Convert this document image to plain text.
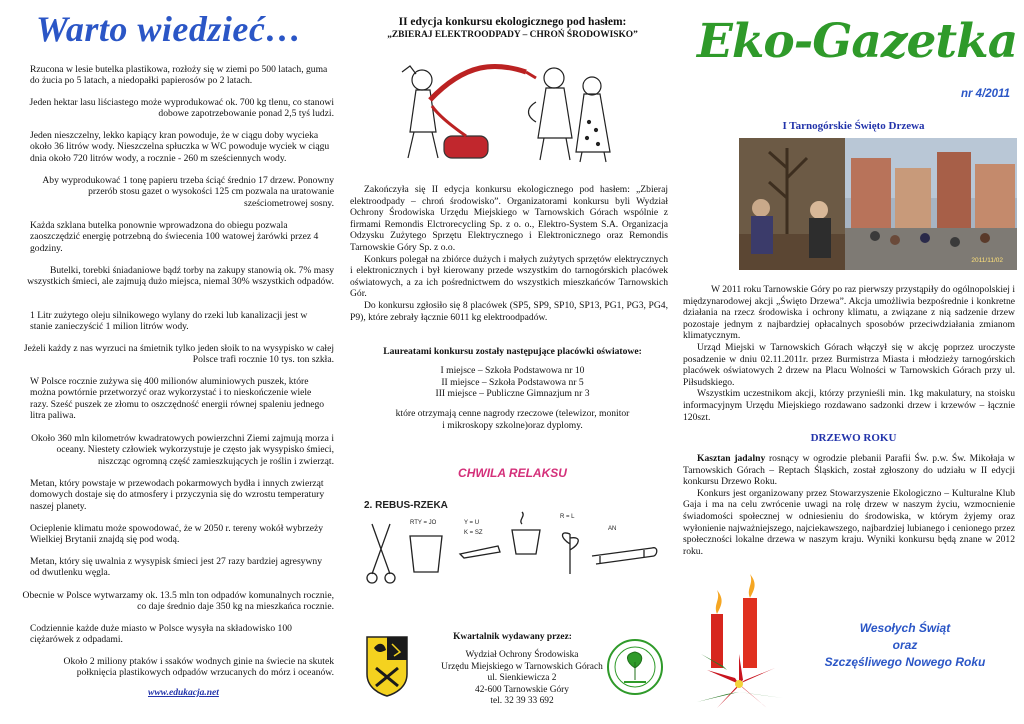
Warto wiedzieć…
Rzucona w lesie butelka plastikowa, rozłoży się w ziemi po 500 latach, guma do żucia po 5 latach, a niedopałki papierosów po 2 latach.
Jeden hektar lasu liściastego może wyprodukować ok. 700 kg tlenu, co stanowi dobowe zapotrzebowanie ponad 2,5 tyś ludzi.
Jeden nieszczelny, lekko kapiący kran powoduje, że w ciągu doby wycieka około 36 litrów wody. Nieszczelna spłuczka w WC powoduje wyciek w ciągu dnia około 720 litrów wody, a rocznie - 260 m sześciennych wody.
Aby wyprodukować 1 tonę papieru trzeba ściąć średnio 17 drzew. Ponowny przerób stosu gazet o wysokości 125 cm pozwala na uratowanie sześciometrowej sosny.
Każda szklana butelka ponownie wprowadzona do obiegu pozwala zaoszczędzić energię potrzebną do świecenia 100 watowej żarówki przez 4 godziny.
Butelki, torebki śniadaniowe bądź torby na zakupy stanowią ok. 7% masy wszystkich śmieci, ale zajmują dużo miejsca, niemal 30% wszystkich odpadów.
1 Litr zużytego oleju silnikowego wylany do rzeki lub kanalizacji jest w stanie zanieczyścić 1 milion litrów wody.
Jeżeli każdy z nas wyrzuci na śmietnik tylko jeden słoik to na wysypisko w całej Polsce trafi rocznie 10 tys. ton szkła.
W Polsce rocznie zużywa się 400 milionów aluminiowych puszek, które można powtórnie przetworzyć oraz wykorzystać i to nieskończenie wiele razy. Sześć puszek ze złomu to oszczędność energii równej spaleniu jednego litra paliwa.
Około 360 mln kilometrów kwadratowych powierzchni Ziemi zajmują morza i oceany. Niestety człowiek wykorzystuje je często jak wysypisko śmieci, niszcząc ogromną część zamieszkujących je roślin i zwierząt.
Metan, który powstaje w przewodach pokarmowych bydła i innych zwierząt domowych dostaje się do atmosfery i przyczynia się do wzrostu temperatury naszej planety.
Ocieplenie klimatu może spowodować, że w 2050 r. tereny wokół wybrzeży Wielkiej Brytanii znajdą się pod wodą.
Metan, który się uwalnia z wysypisk śmieci jest 27 razy bardziej agresywny od dwutlenku węgla.
Obecnie w Polsce wytwarzamy ok. 13.5 mln ton odpadów komunalnych rocznie, co daje średnio daje 350 kg na mieszkańca rocznie.
Codziennie każde duże miasto w Polsce wysyła na składowisko 100 ciężarówek z odpadami.
Około 2 miliony ptaków i ssaków wodnych ginie na świecie na skutek połknięcia plastikowych odpadów wrzucanych do mórz i oceanów.
www.edukacja.net
II edycja konkursu ekologicznego pod hasłem:
„ZBIERAJ ELEKTROODPADY – CHROŃ ŚRODOWISKO”

Zakończyła się II edycja konkursu ekologicznego pod hasłem: „Zbieraj elektroodpady – chroń środowisko”. Organizatorami konkursu byli Wydział Ochrony Środowiska Urzędu Miejskiego w Tarnowskich Górach wspólnie z firmami Remondis Elctrorecycling Sp. z o. o., Elektro-System S.A. Organizacja Odzysku Zużytego Sprzętu Elektrycznego i Elektronicznego oraz Remondis Tarnowskie Góry Sp. z o.o.

Konkurs polegał na zbiórce dużych i małych zużytych sprzętów elektrycznych i elektronicznych i był kierowany przede wszystkim do tarnogórskich placówek oświatowych, a za ich pośrednictwem do wszystkich mieszkańców Tarnowskich Gór.

Do konkursu zgłosiło się 8 placówek (SP5, SP9, SP10, SP13, PG1, PG3, PG4, P9), które zebrały łącznie 6011 kg elektroodpadów.

Laureatami konkursu zostały następujące placówki oświatowe:
I miejsce – Szkoła Podstawowa nr 10
II miejsce – Szkoła Podstawowa nr 5
III miejsce – Publiczne Gimnazjum nr 3
które otrzymają cenne nagrody rzeczowe (telewizor, monitor
i mikroskopy szkolne)oraz dyplomy.
CHWILA RELAKSU
2. REBUS-RZEKA
RTY = JO	Y = U
K = SZ
R = L
AN
Kwartalnik wydawany przez:
Wydział Ochrony Środowiska
Urzędu Miejskiego w Tarnowskich Górach
ul. Sienkiewicza 2
42-600 Tarnowskie Góry
tel. 32 39 33 692
Eko-Gazetka
nr 4/2011
I Tarnogórskie Święto Drzewa
2011/11/02

W 2011 roku Tarnowskie Góry po raz pierwszy przystąpiły do ogólnopolskiej i międzynarodowej akcji „Święto Drzewa”. Akcja umożliwia bezpośrednie i konkretne działania na rzecz środowiska i ochrony klimatu, a związane z nią sadzenie drzew pozostaje jednym z najbardziej opłacalnych sposobów przeciwdziałania zmianom klimatycznym.

Urząd Miejski w Tarnowskich Górach włączył się w akcję poprzez uroczyste posadzenie w dniu 02.11.2011r. przez Burmistrza Miasta i młodzieży tarnogórskich placówek oświatowych 2 drzew na Placu Wolności w Tarnowskich Górach przy ul. Piłsudskiego.

Wszystkim uczestnikom akcji, którzy przynieśli min. 1kg makulatury, na stoisku informacyjnym Urzędu Miejskiego rozdawano sadzonki drzew i krzewów – łącznie 120szt.

DRZEWO ROKU

Kasztan jadalny rosnący w ogrodzie plebanii Parafii Św. p.w. Św. Mikołaja w Tarnowskich Górach – Reptach Śląskich, został zgłoszony do udziału w II edycji konkursu Drzewo Roku.

Konkurs jest organizowany przez Stowarzyszenie Ekologiczno – Kulturalne Klub Gaja i ma na celu zwrócenie uwagi na rolę drzew w naszym życiu, wzmocnienie świadomości społecznej w odniesieniu do środowiska, w którym żyjemy oraz wyłonienie najważniejszego, najciekawszego, najbardziej lubianego i cenionego przez społeczności lokalne drzewa w naszym kraju. Wyniki konkursu będą znane w 2012 roku.

Wesołych Świąt
oraz
Szczęśliwego Nowego Roku
